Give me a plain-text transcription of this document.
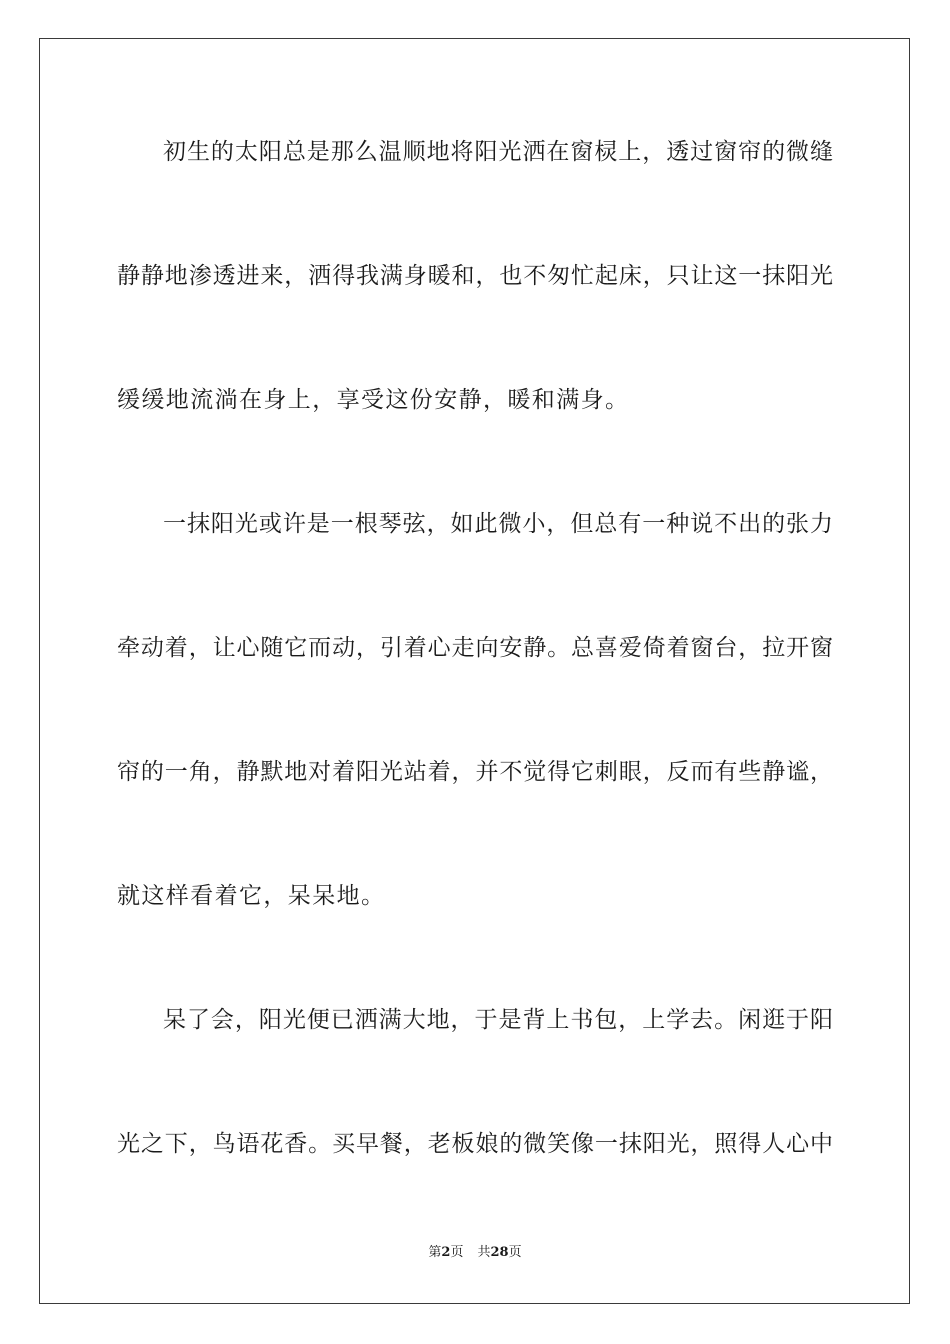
初生的太阳总是那么温顺地将阳光洒在窗棂上，透过窗帘的微缝
静静地渗透进来，洒得我满身暖和，也不匆忙起床，只让这一抹阳光
缓缓地流淌在身上，享受这份安静，暖和满身。
一抹阳光或许是一根琴弦，如此微小，但总有一种说不出的张力
牵动着，让心随它而动，引着心走向安静。总喜爱倚着窗台，拉开窗
帘的一角，静默地对着阳光站着，并不觉得它刺眼，反而有些静谧，
就这样看着它，呆呆地。
呆了会，阳光便已洒满大地，于是背上书包，上学去。闲逛于阳
光之下，鸟语花香。买早餐，老板娘的微笑像一抹阳光，照得人心中
第2页 共28页
